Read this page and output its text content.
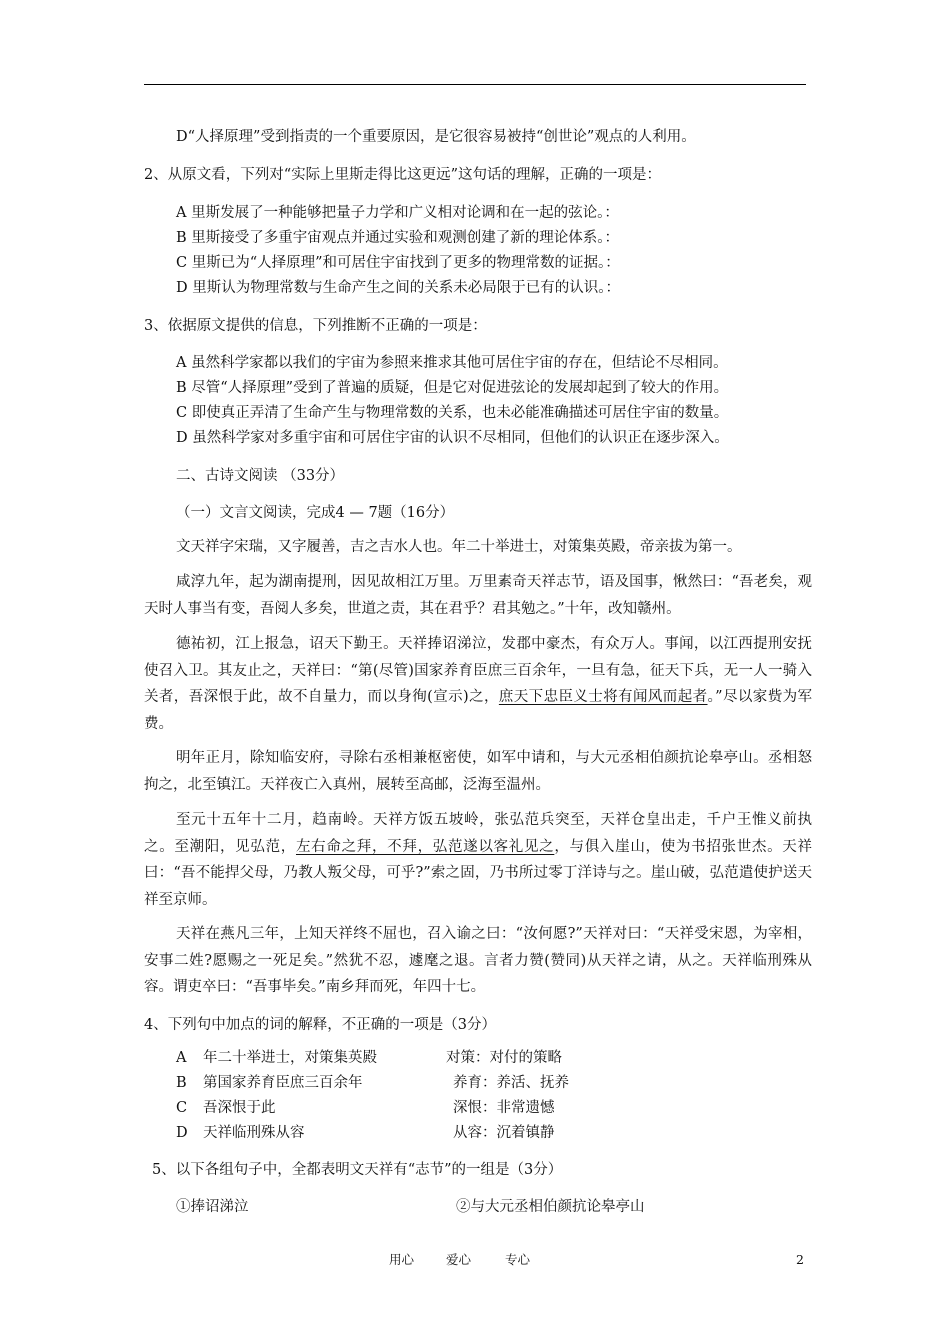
D“人择原理”受到指责的一个重要原因，是它很容易被持“创世论”观点的人利用。
2、从原文看，下列对“实际上里斯走得比这更远”这句话的理解，正确的一项是：
A 里斯发展了一种能够把量子力学和广义相对论调和在一起的弦论。：
B 里斯接受了多重宇宙观点并通过实验和观测创建了新的理论体系。：
C 里斯已为“人择原理”和可居住宇宙找到了更多的物理常数的证据。：
D 里斯认为物理常数与生命产生之间的关系未必局限于已有的认识。：
3、依据原文提供的信息，下列推断不正确的一项是：
A 虽然科学家都以我们的宇宙为参照来推求其他可居住宇宙的存在，但结论不尽相同。
B 尽管“人择原理”受到了普遍的质疑，但是它对促进弦论的发展却起到了较大的作用。
C 即使真正弄清了生命产生与物理常数的关系，也未必能准确描述可居住宇宙的数量。
D 虽然科学家对多重宇宙和可居住宇宙的认识不尽相同，但他们的认识正在逐步深入。
二、古诗文阅读 （33分）
（一）文言文阅读，完成4 — 7题（16分）
文天祥字宋瑞，又字履善，吉之吉水人也。年二十举进士，对策集英殿，帝亲拔为第一。
咸淳九年，起为湖南提刑，因见故相江万里。万里素奇天祥志节，语及国事，愀然曰：“吾老矣，观天时人事当有变，吾阅人多矣，世道之责，其在君乎？君其勉之。”十年，改知赣州。
德祐初，江上报急，诏天下勤王。天祥捧诏涕泣，发郡中豪杰，有众万人。事闻，以江西提刑安抚使召入卫。其友止之，天祥曰：“第(尽管)国家养育臣庶三百余年，一旦有急，征天下兵，无一人一骑入关者，吾深恨于此，故不自量力，而以身徇(宣示)之，庶天下忠臣义士将有闻风而起者。”尽以家赀为军费。
明年正月，除知临安府，寻除右丞相兼枢密使，如军中请和，与大元丞相伯颜抗论皋亭山。丞相怒拘之，北至镇江。天祥夜亡入真州，展转至高邮，泛海至温州。
至元十五年十二月，趋南岭。天祥方饭五坡岭，张弘范兵突至，天祥仓皇出走，千户王惟义前执之。至潮阳，见弘范，左右命之拜，不拜，弘范遂以客礼见之，与俱入崖山，使为书招张世杰。天祥曰：“吾不能捍父母，乃教人叛父母，可乎?”索之固，乃书所过零丁洋诗与之。崖山破，弘范遣使护送天祥至京师。
天祥在燕凡三年，上知天祥终不屈也，召入谕之曰：“汝何愿?”天祥对曰：“天祥受宋恩，为宰相，安事二姓?愿赐之一死足矣。”然犹不忍，遽麾之退。言者力赞(赞同)从天祥之请，从之。天祥临刑殊从容。谓吏卒曰：“吾事毕矣。”南乡拜而死，年四十七。
4、下列句中加点的词的解释，不正确的一项是（3分）
A 年二十举进士，对策集英殿	对策：对付的策略
B 第国家养育臣庶三百余年	养育：养活、抚养
C 吾深恨于此	深恨：非常遗憾
D 天祥临刑殊从容	从容：沉着镇静
5、以下各组句子中，全都表明文天祥有“志节”的一组是（3分）
①捧诏涕泣	②与大元丞相伯颜抗论皋亭山
用心	爱心	专心	2
